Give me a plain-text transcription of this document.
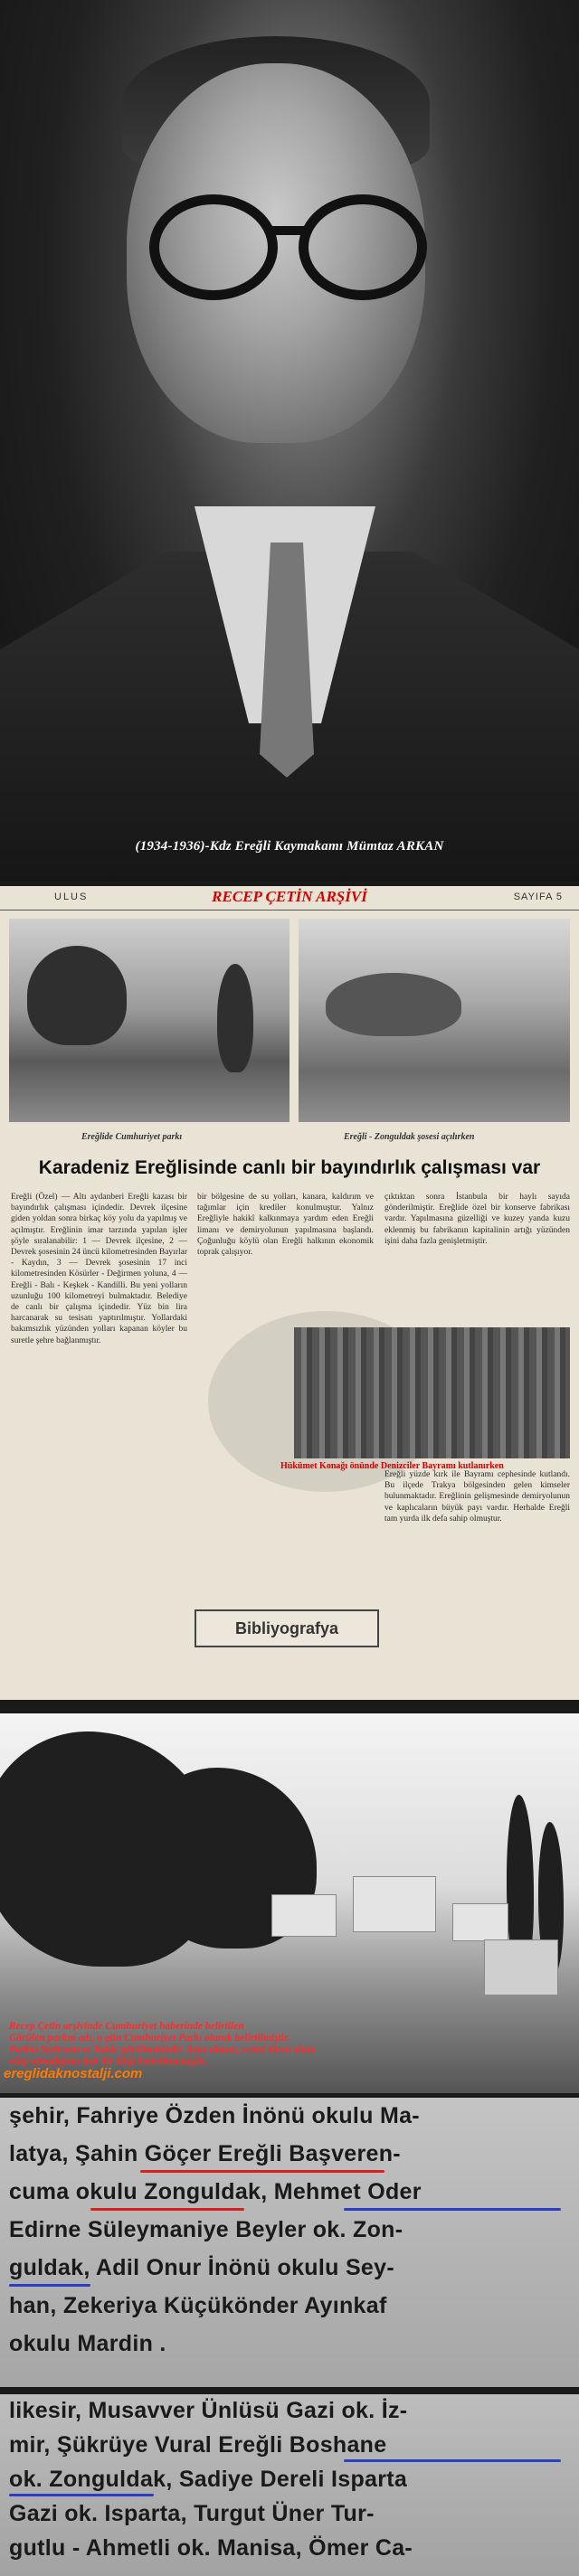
(1934-1936)-Kdz Ereğli Kaymakamı Mümtaz ARKAN
ULUS	SAYIFA 5
RECEP ÇETİN ARŞİVİ
Ereğlide Cumhuriyet parkı	Ereğli - Zonguldak şosesi açılırken
Karadeniz Ereğlisinde canlı bir bayındırlık çalışması var
Ereğli (Özel) — Altı aydanberi Ereğli kazası bir bayındırlık çalışması içindedir. Devrek ilçesine giden yoldan sonra birkaç köy yolu da yapılmış ve açılmıştır. Ereğlinin imar tarzında yapılan işler şöyle sıralanabilir: 1 — Devrek ilçesine, 2 — Devrek şosesinin 24 üncü kilometresinden Bayırlar - Kaydın, 3 — Devrek şosesinin 17 inci kilometresinden Kösürler - Değirmen yoluna, 4 — Ereğli - Balı - Keşkek - Kandilli. Bu yeni yolların uzunluğu 100 kilometreyi bulmaktadır. Belediye de canlı bir çalışma içindedir. Yüz bin lira harcanarak su tesisatı yaptırılmıştır. Yollardaki bakımsızlık yüzünden yolları kapanan köyler bu suretle şehre bağlanmıştır.
bir bölgesine de su yolları, kanara, kaldırım ve tağımlar için krediler konulmuştur. Yalnız Ereğliyle hakikî kalkınmaya yardım eden Ereğli limanı ve demiryolunun yapılmasına başlandı. Çoğunluğu köylü olan Ereğli halkının ekonomik toprak çalışıyor.
çıktıktan sonra İstanbula bir haylı sayıda gönderilmiştir. Ereğlide özel bir konserve fabrikası vardır. Yapılmasına güzelliği ve kuzey yanda kuzu eklenmiş bu fabrikanın kapitalinin artığı yüzünden işini daha fazla genişletmiştir.
Hükümet Konağı önünde Denizciler Bayramı kutlanırken
Ereğli yüzde kırk ile Bayramı cephesinde kutlandı. Bu ilçede Trakya bölgesinden gelen kimseler bulunmaktadır. Ereğlinin gelişmesinde demiryolunun ve kaplıcaların büyük payı vardır. Herhalde Ereğli tam yurda ilk defa sahip olmuştur.
Bibliyografya
Recep Çetin arşivinde Cumhuriyet haberinde belirtilen
Görülen parkın adı, o gün Cumhuriyet Parkı olarak belirtilmiştir.
Parkta Şadırvan ve Kalde görülmektedir. Ama alanın, resmi tören alanı
olup olmadığına dair bir bilgi belirtilmemiştir..
ereglidaknostalji.com
şehir, Fahriye Özden İnönü okulu Ma-
latya, Şahin Göçer Ereğli Başveren-
cuma okulu Zonguldak, Mehmet Oder
Edirne Süleymaniye Beyler ok. Zon-
guldak, Adil Onur İnönü okulu Sey-
han, Zekeriya Küçükönder Ayınkaf
okulu Mardin .
likesir, Musavver Ünlüsü Gazi ok. İz-
mir, Şükrüye Vural Ereğli Boshane
ok. Zonguldak, Sadiye Dereli Isparta
Gazi ok. Isparta, Turgut Üner Tur-
gutlu - Ahmetli ok. Manisa, Ömer Ca-
